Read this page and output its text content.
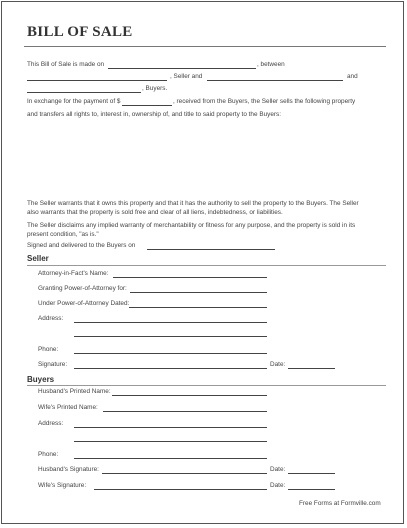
BILL OF SALE
This Bill of Sale is made on	, between
, Seller and	and
, Buyers.
In exchange for the payment of $	, received from the Buyers, the Seller sells the following property
and transfers all rights to, interest in, ownership of, and title to said property to the Buyers:
The Seller warrants that it owns this property and that it has the authority to sell the property to the Buyers. The Seller
also warrants that the property is sold free and clear of all liens, indebtedness, or liabilities.
The Seller disclaims any implied warranty of merchantability or fitness for any purpose, and the property is sold in its
present condition, "as is."
Signed and delivered to the Buyers on
Seller
Attorney-in-Fact's Name:
Granting Power-of-Attorney for:
Under Power-of-Attorney Dated:
Address:
Phone:
Signature:	Date:
Buyers
Husband's Printed Name:
Wife's Printed Name:
Address:
Phone:
Husband's Signature:	Date:
Wife's Signature:	Date:
Free Forms at Formville.com
